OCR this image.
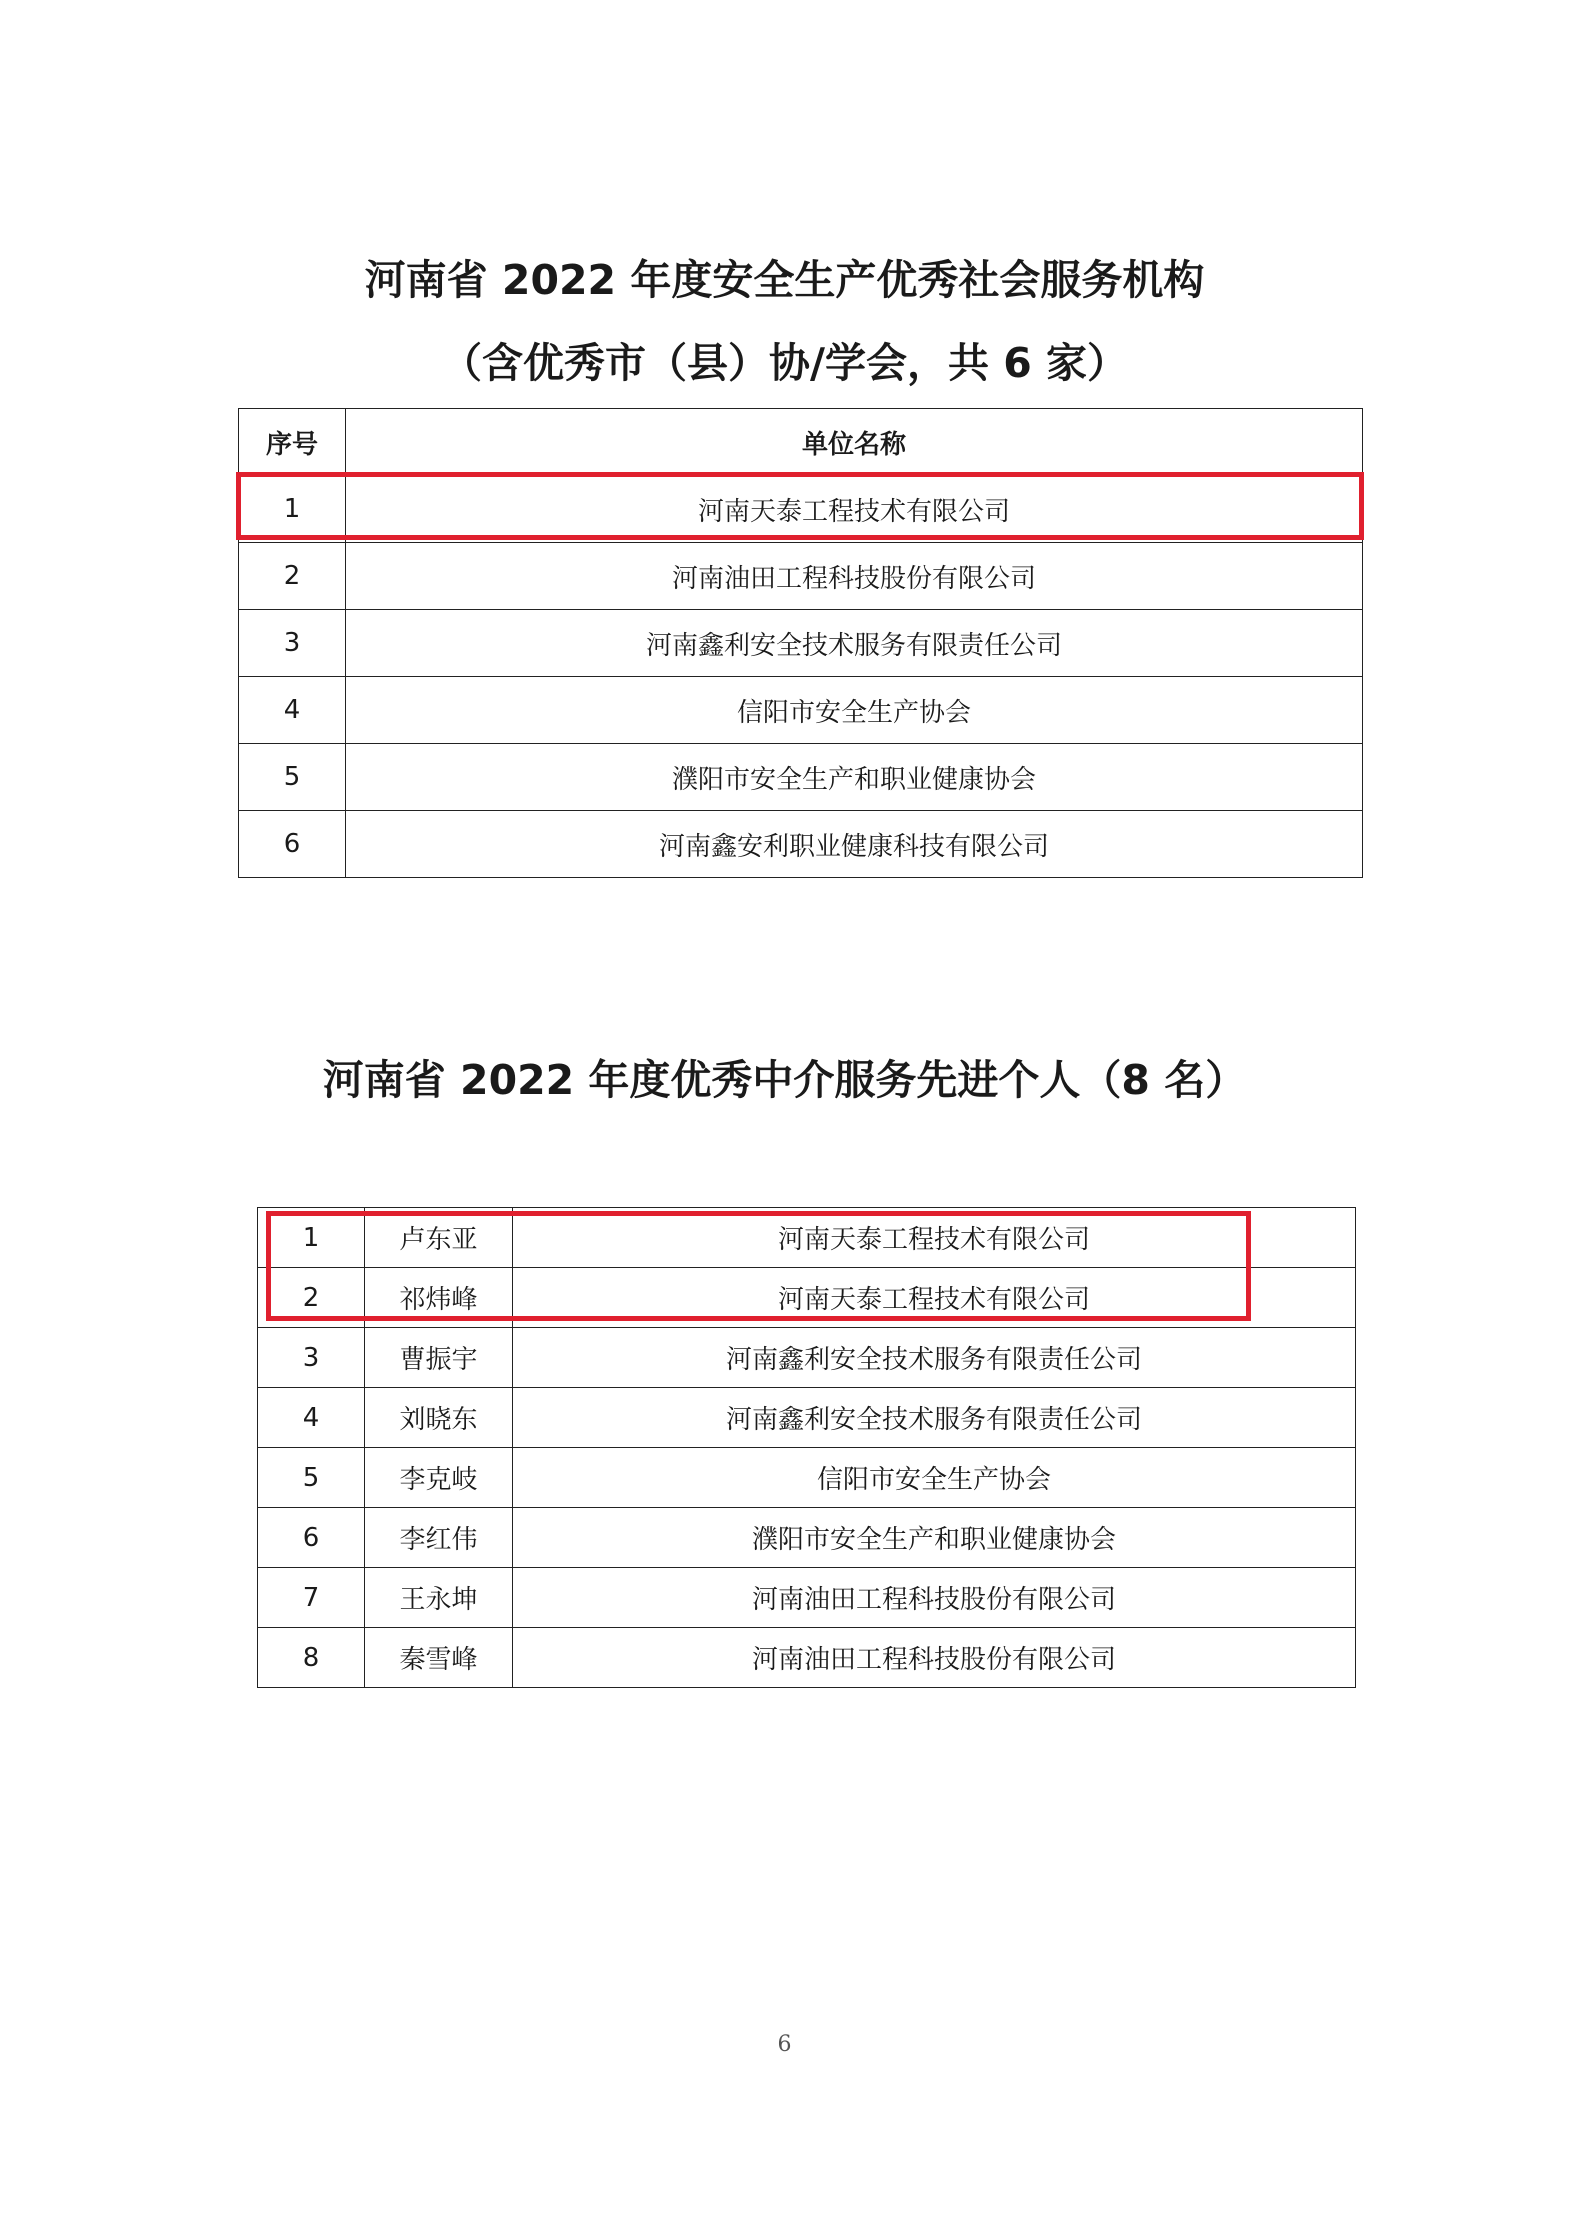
河南省 2022 年度安全生产优秀社会服务机构
（含优秀市（县）协/学会，共 6 家）
序号	单位名称
1	河南天泰工程技术有限公司
2	河南油田工程科技股份有限公司
3	河南鑫利安全技术服务有限责任公司
4	信阳市安全生产协会
5	濮阳市安全生产和职业健康协会
6	河南鑫安利职业健康科技有限公司
河南省 2022 年度优秀中介服务先进个人（8 名）
1	卢东亚	河南天泰工程技术有限公司
2	祁炜峰	河南天泰工程技术有限公司
3	曹振宇	河南鑫利安全技术服务有限责任公司
4	刘晓东	河南鑫利安全技术服务有限责任公司
5	李克岐	信阳市安全生产协会
6	李红伟	濮阳市安全生产和职业健康协会
7	王永坤	河南油田工程科技股份有限公司
8	秦雪峰	河南油田工程科技股份有限公司
6
